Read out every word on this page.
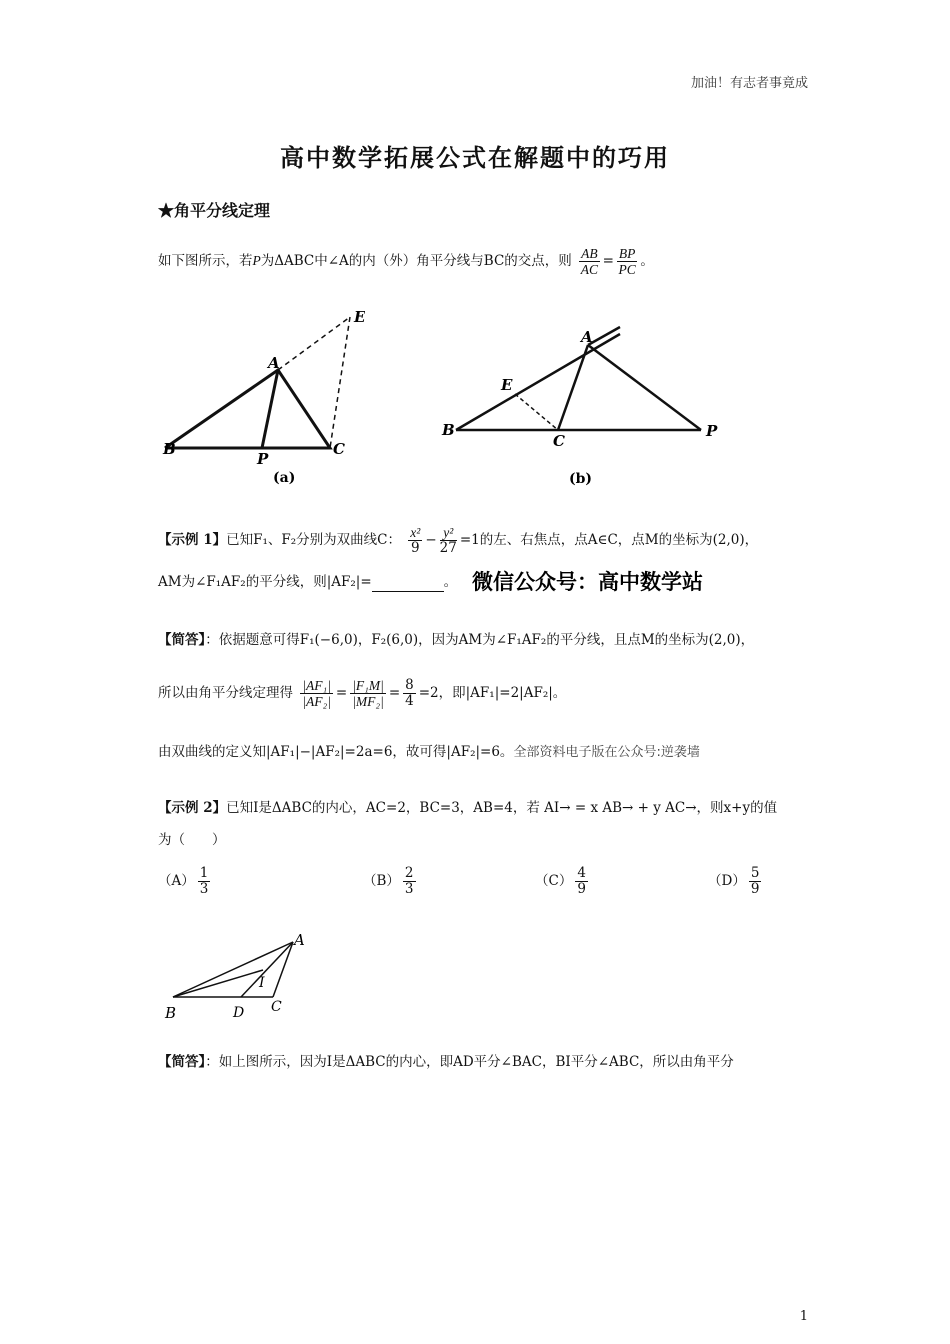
加油！有志者事竟成
高中数学拓展公式在解题中的巧用
★角平分线定理
如下图所示，若P为ΔABC中∠A的内（外）角平分线与BC的交点，则 $\frac{AB}{AC} = \frac{BP}{PC}$ 。
A
B	C
P
E
(a)
A
B
C
P
E
(b)
【示例 1】已知F₁、F₂分别为双曲线C： $\frac{\text{x²}}{9} - \frac{\text{y²}}{27} =1$的左、右焦点，点A∈C，点M的坐标为(2,0)，
AM为∠F₁AF₂的平分线，则|AF₂|=	。 微信公众号：高中数学站
【简答】：依据题意可得F₁(−6,0)，F₂(6,0)，因为AM为∠F₁AF₂的平分线，且点M的坐标为(2,0)，
所以由角平分线定理得 $\frac{\text{|AF₁|}}{\text{|AF₂|}} = \frac{\text{|F₁M|}}{\text{|MF₂|}} = \frac{8}{4} =2$，即|AF₁|=2|AF₂|。
由双曲线的定义知|AF₁|−|AF₂|=2a=6，故可得|AF₂|=6。全部资料电子版在公众号:逆袭墙
【示例 2】已知I是ΔABC的内心，AC=2，BC=3，AB=4，若 AI→ = x AB→ + y AC→，则x+y的值
为（　　）
$(A) \frac{1}{3}$	$(B) \frac{2}{3}$	$(C) \frac{4}{9}$	$(D) \frac{5}{9}$
A
B	C
D
I
【简答】：如上图所示，因为I是ΔABC的内心，即AD平分∠BAC，BI平分∠ABC，所以由角平分
1
